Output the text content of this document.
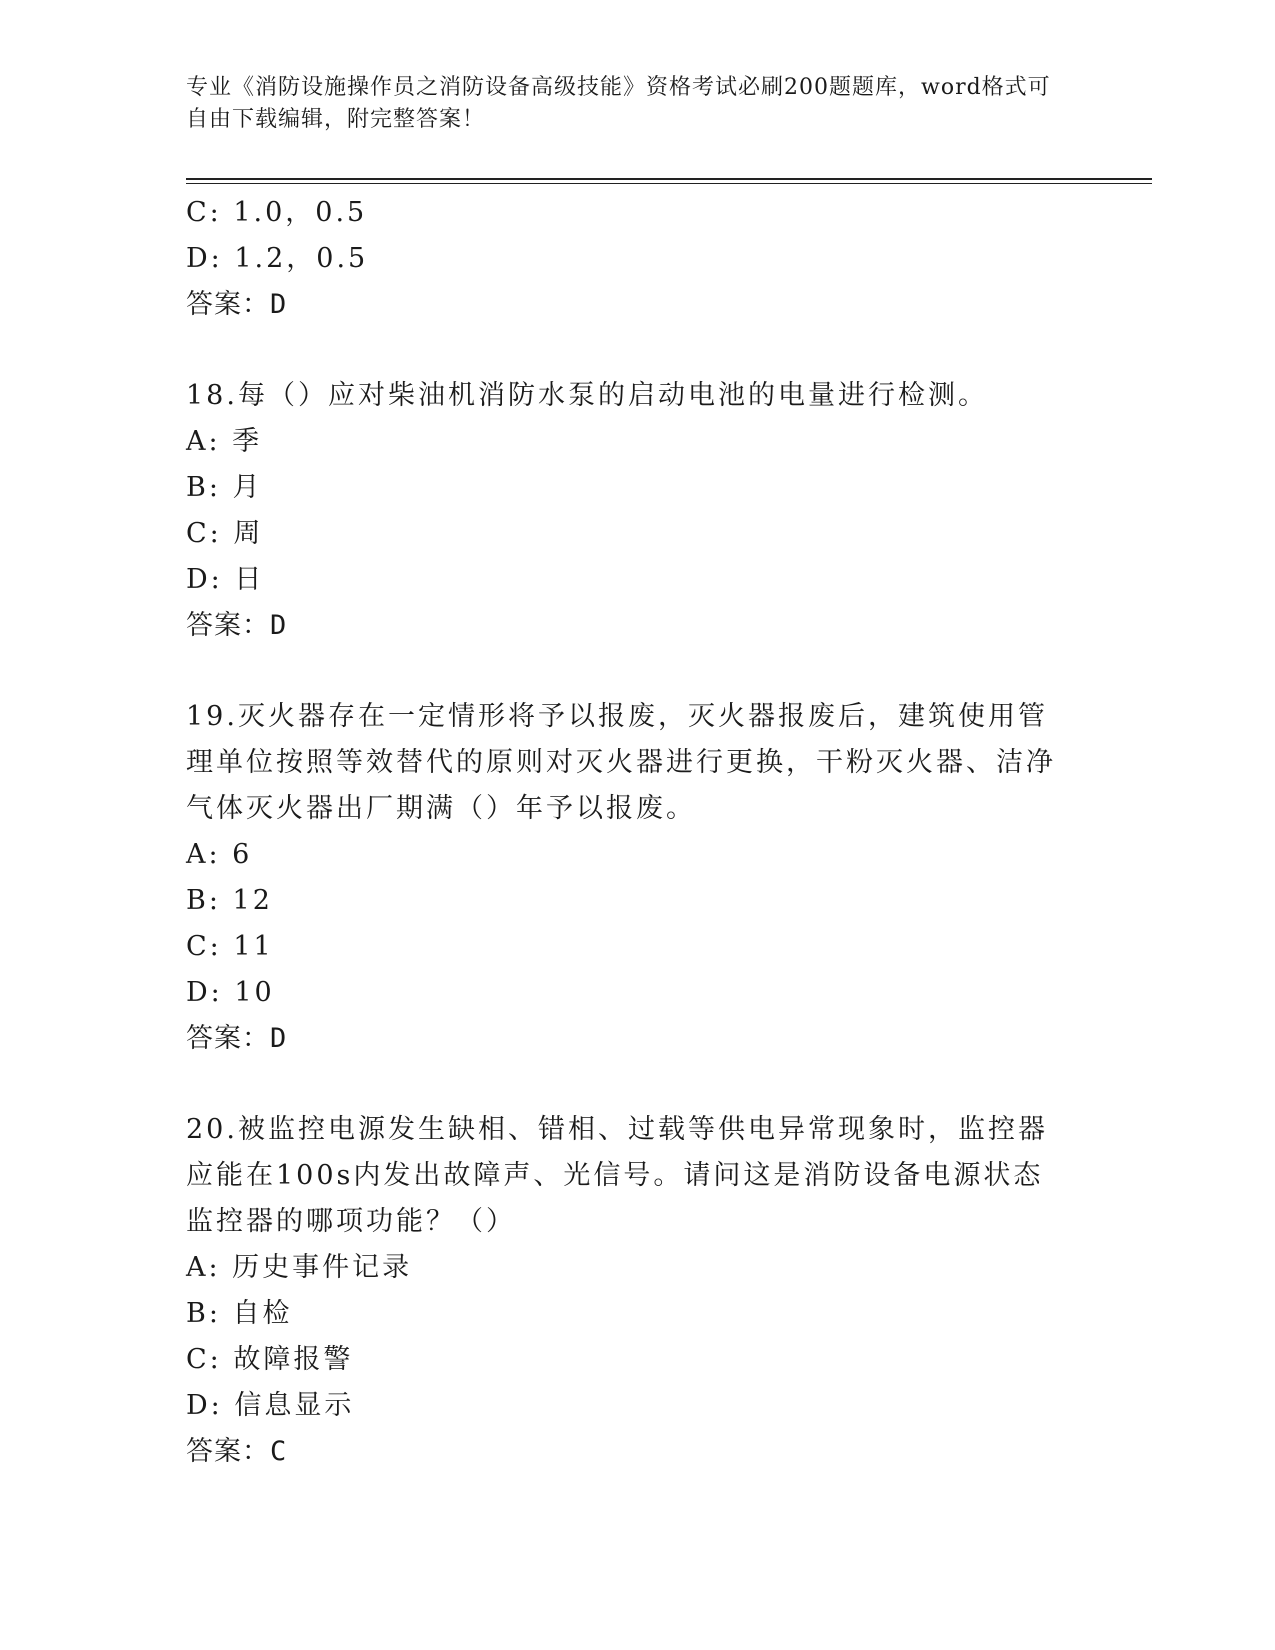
专业《消防设施操作员之消防设备高级技能》资格考试必刷200题题库，word格式可自由下载编辑，附完整答案！
C: 1.0，0.5
D: 1.2，0.5
答案：D
18.每（）应对柴油机消防水泵的启动电池的电量进行检测。
A: 季
B: 月
C: 周
D: 日
答案：D
19.灭火器存在一定情形将予以报废，灭火器报废后，建筑使用管理单位按照等效替代的原则对灭火器进行更换，干粉灭火器、洁净气体灭火器出厂期满（）年予以报废。
A: 6
B: 12
C: 11
D: 10
答案：D
20.被监控电源发生缺相、错相、过载等供电异常现象时，监控器应能在100s内发出故障声、光信号。请问这是消防设备电源状态监控器的哪项功能？（）
A: 历史事件记录
B: 自检
C: 故障报警
D: 信息显示
答案：C
